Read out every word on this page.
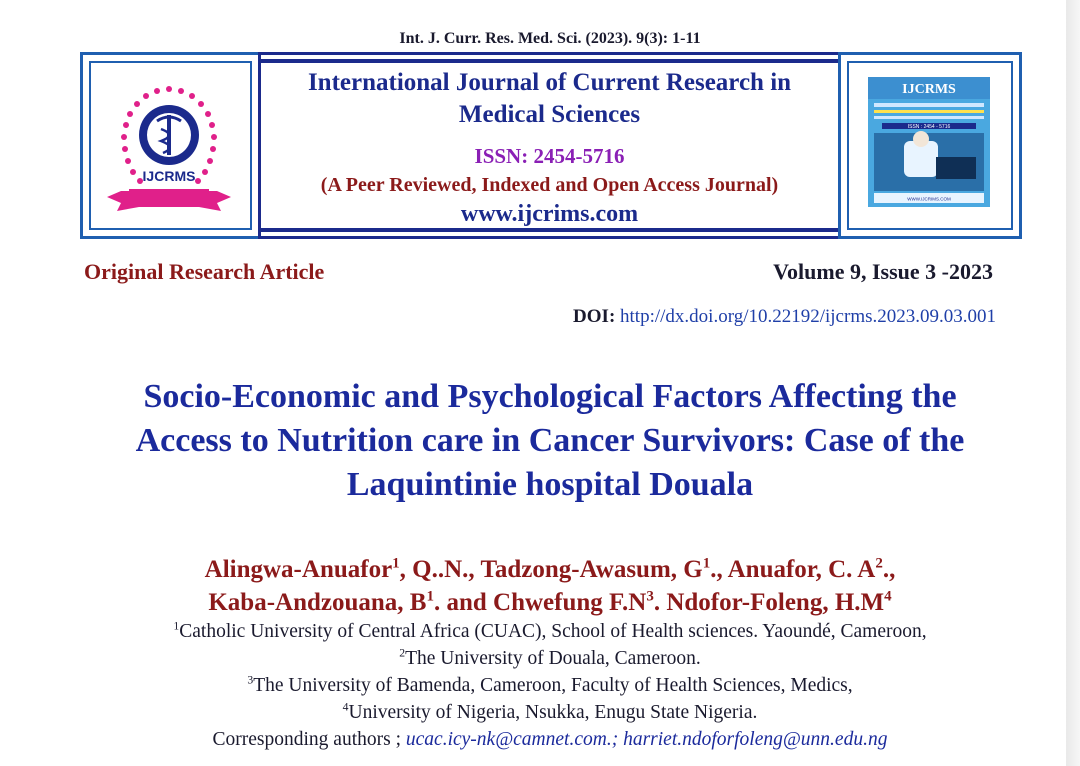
Int. J. Curr. Res. Med. Sci. (2023). 9(3): 1-11
IJCRMS
International Journal of Current Research in
Medical Sciences
ISSN: 2454-5716
(A Peer Reviewed, Indexed and Open Access Journal)
www.ijcrims.com
IJCRMS
ISSN : 2454 - 5716
WWW.IJCRIMS.COM
Original Research Article	Volume 9, Issue 3 -2023
DOI: http://dx.doi.org/10.22192/ijcrms.2023.09.03.001
Socio-Economic and Psychological Factors Affecting the
Access to Nutrition care in Cancer Survivors: Case of the
Laquintinie hospital Douala
Alingwa-Anuafor$^1$, Q..N., Tadzong-Awasum, $G^1$., Anuafor, C. $A^2$.,
Kaba-Andzouana, $B^1$. and Chwefung $F.N^3$. Ndofor-Foleng, $H.M^4$
$^1$Catholic University of Central Africa (CUAC), School of Health sciences. Yaoundé, Cameroon,
$^2$The University of Douala, Cameroon.
$^3$The University of Bamenda, Cameroon, Faculty of Health Sciences, Medics,
$^4$University of Nigeria, Nsukka, Enugu State Nigeria.
Corresponding authors ; ucac.icy-nk@camnet.com.; harriet.ndoforfoleng@unn.edu.ng
